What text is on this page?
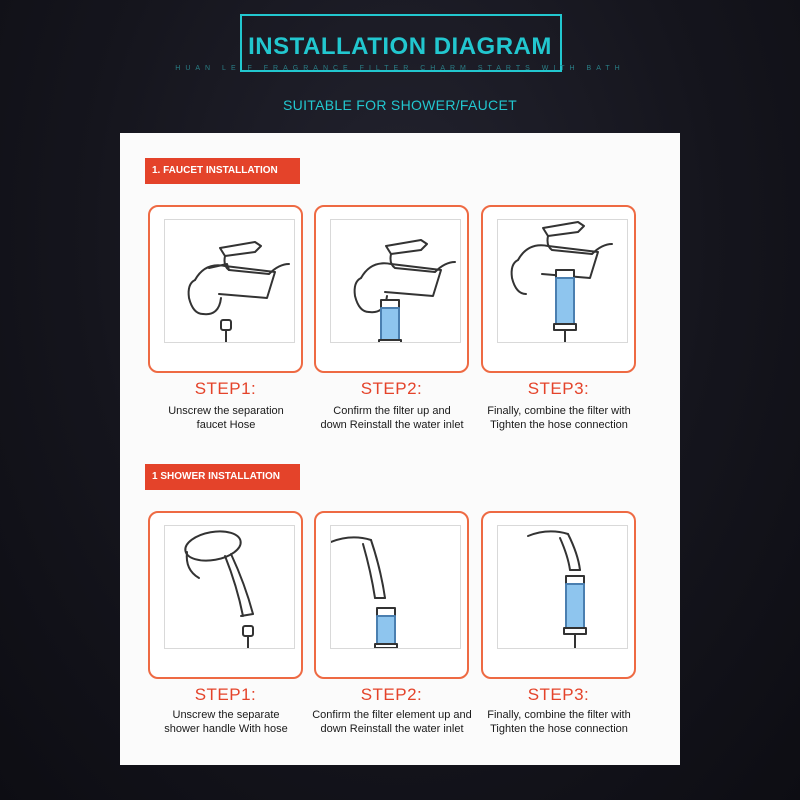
INSTALLATION DIAGRAM
HUAN LE F FRAGRANCE FILTER CHARM STARTS WITH BATH
SUITABLE FOR SHOWER/FAUCET
1. FAUCET INSTALLATION
STEP1:
Unscrew the separation
faucet Hose
STEP2:
Confirm the filter up and
down Reinstall the water inlet
STEP3:
Finally, combine the filter with
Tighten the hose connection
1 SHOWER INSTALLATION
STEP1:
Unscrew the separate
shower handle With hose
STEP2:
Confirm the filter element up and
down Reinstall the water inlet
STEP3:
Finally, combine the filter with
Tighten the hose connection
